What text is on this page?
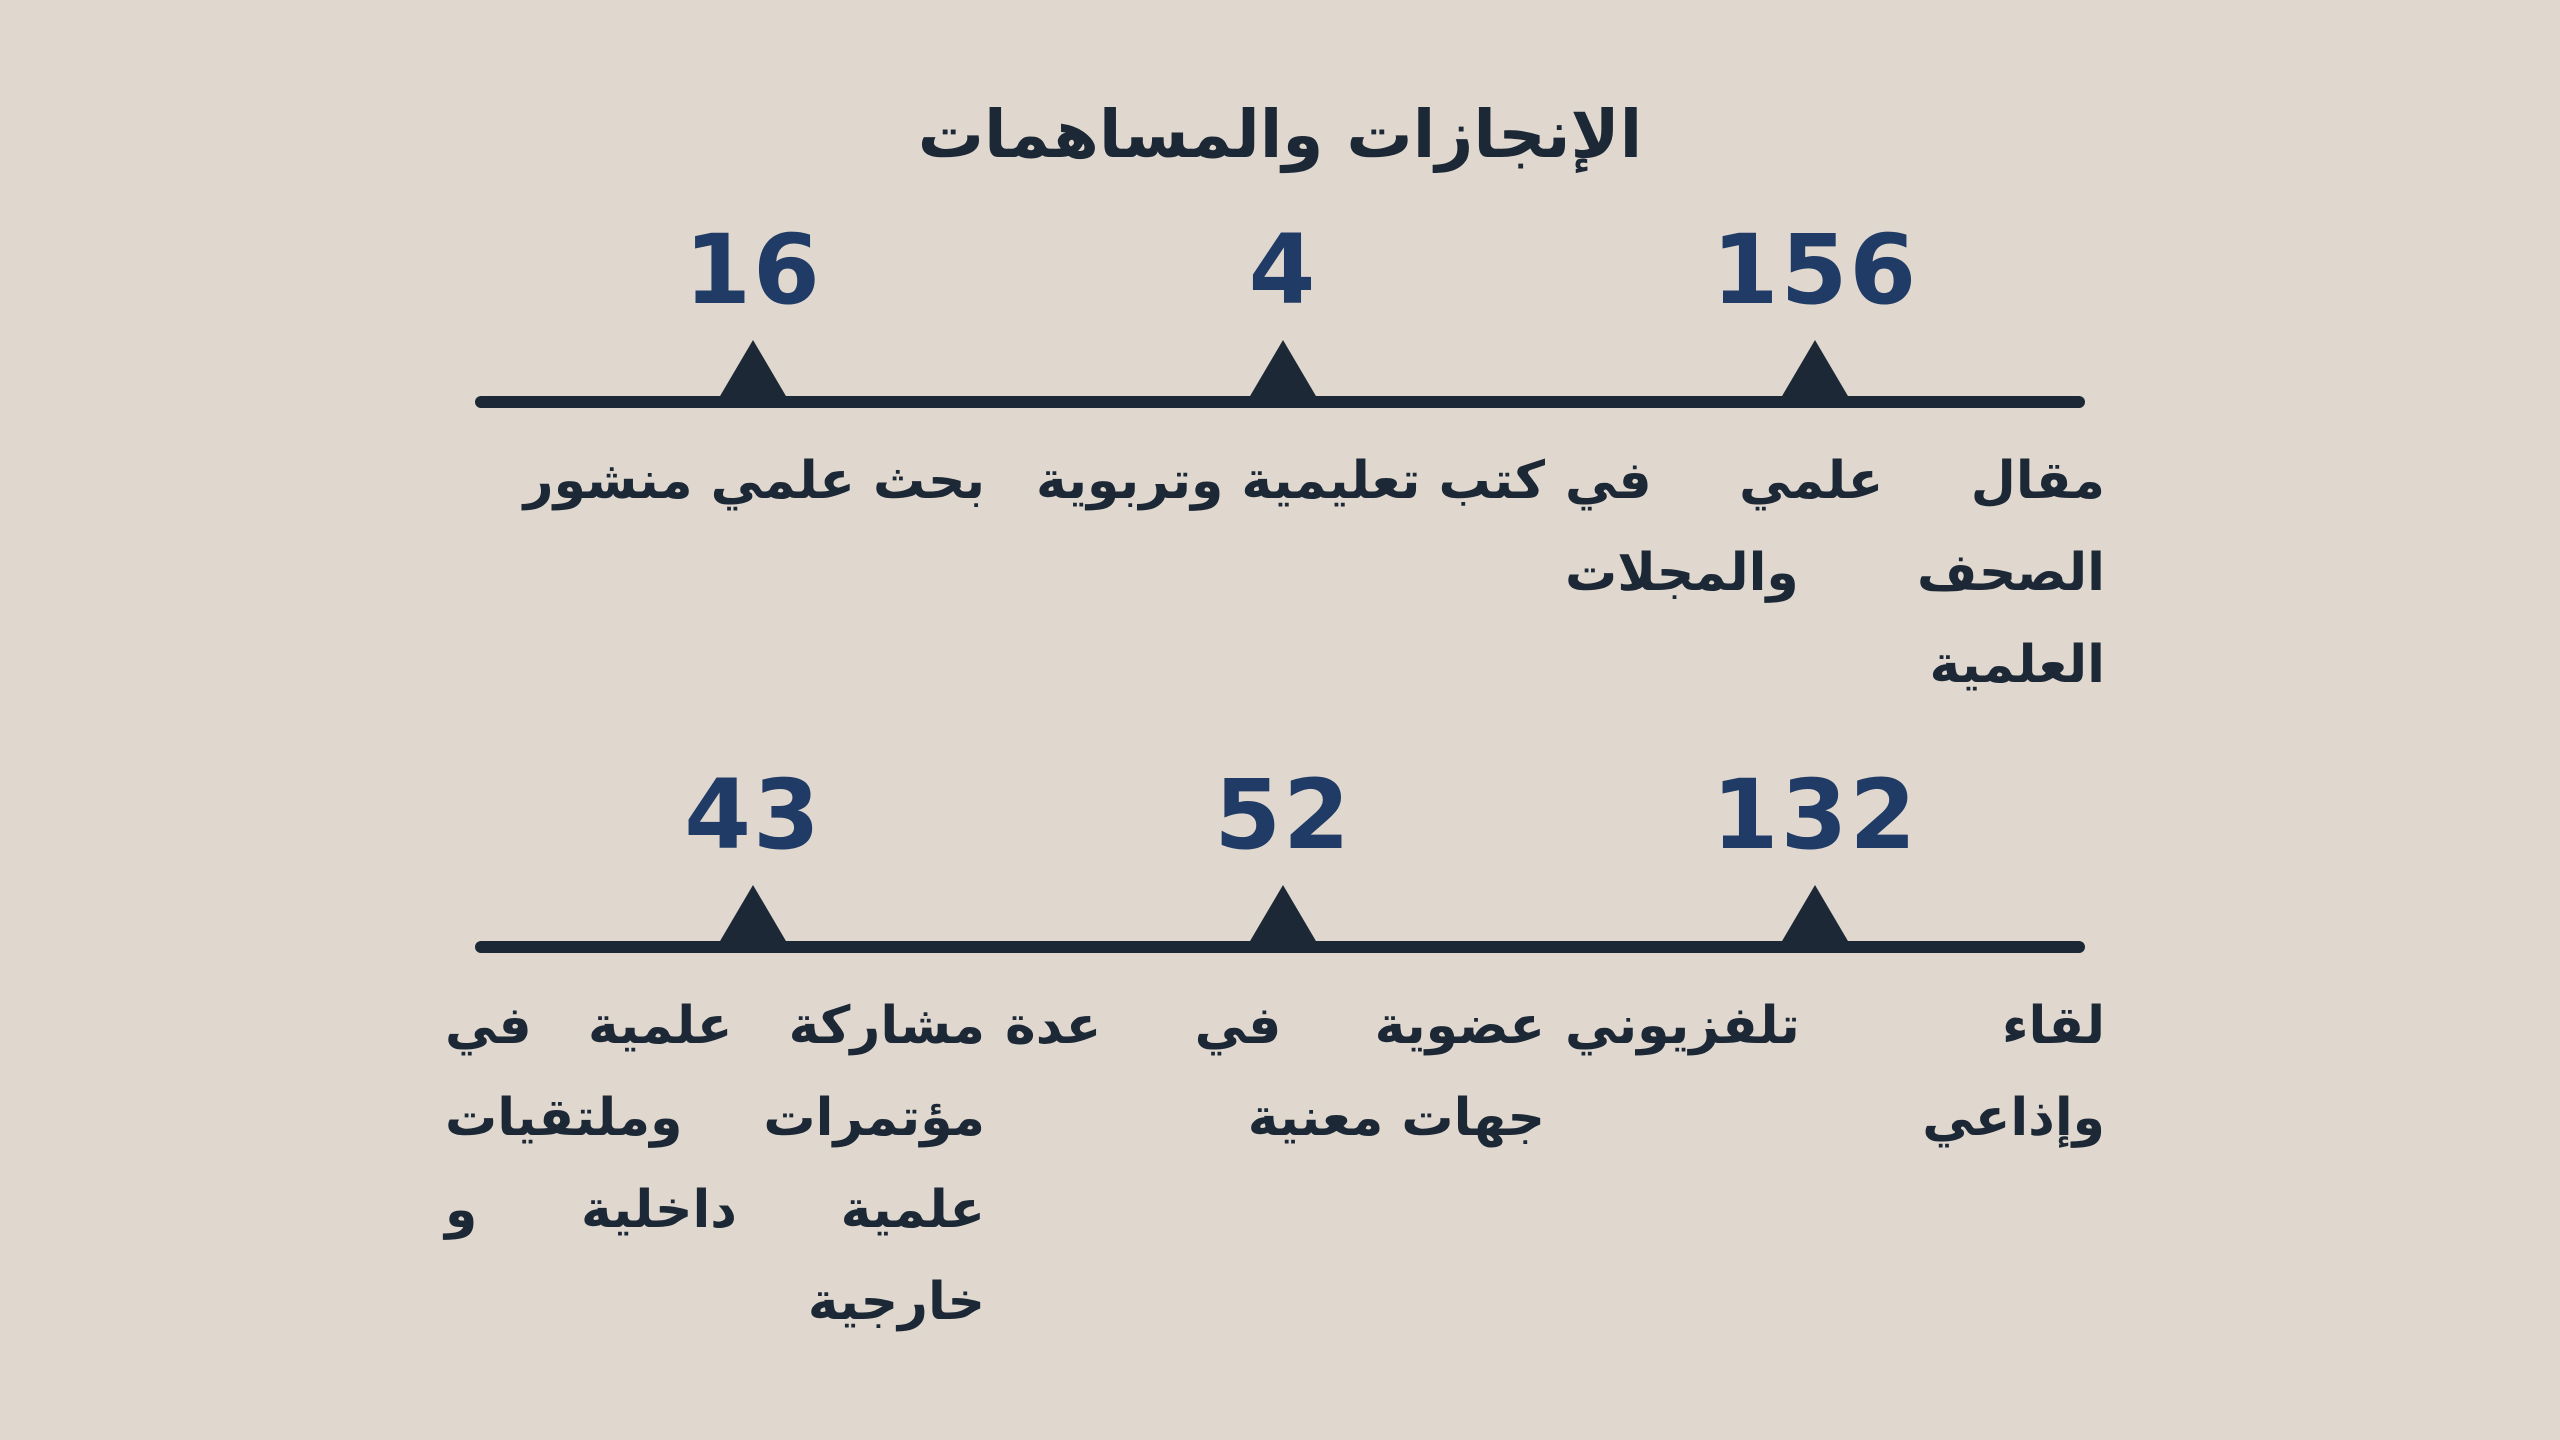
الإنجازات والمساهمات
156
مقال علمي في الصحف والمجلات العلمية
4
كتب تعليمية وتربوية
16
بحث علمي منشور
132
لقاء تلفزيوني وإذاعي
52
عضوية في عدة جهات معنية
43
مشاركة علمية في مؤتمرات وملتقيات علمية داخلية و خارجية
